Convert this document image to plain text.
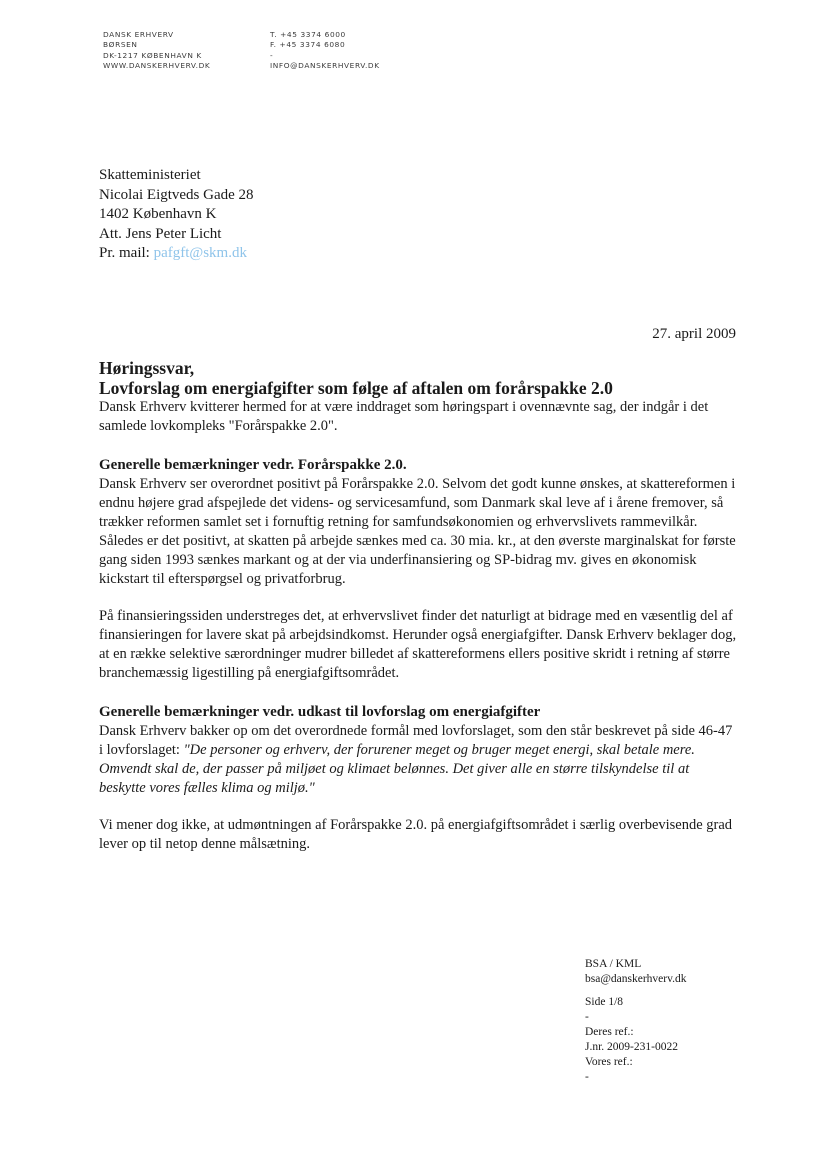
DANSK ERHVERV
BØRSEN
DK-1217 KØBENHAVN K
WWW.DANSKERHVERV.DK
T. +45 3374 6000
F. +45 3374 6080
-
INFO@DANSKERHVERV.DK
Skatteministeriet
Nicolai Eigtveds Gade 28
1402 København K
Att. Jens Peter Licht
Pr. mail: pafgft@skm.dk
27. april 2009
Høringssvar,
Lovforslag om energiafgifter som følge af aftalen om forårspakke 2.0

Dansk Erhverv kvitterer hermed for at være inddraget som høringspart i ovennævnte sag, der indgår i det samlede lovkompleks "Forårspakke 2.0".

Generelle bemærkninger vedr. Forårspakke 2.0.

Dansk Erhverv ser overordnet positivt på Forårspakke 2.0. Selvom det godt kunne ønskes, at skattereformen i endnu højere grad afspejlede det videns- og servicesamfund, som Danmark skal leve af i årene fremover, så trækker reformen samlet set i fornuftig retning for samfundsøkonomien og erhvervslivets rammevilkår. Således er det positivt, at skatten på arbejde sænkes med ca. 30 mia. kr., at den øverste marginalskat for første gang siden 1993 sænkes markant og at der via underfinansiering og SP-bidrag mv. gives en økonomisk kickstart til efterspørgsel og privatforbrug.

På finansieringssiden understreges det, at erhvervslivet finder det naturligt at bidrage med en væsentlig del af finansieringen for lavere skat på arbejdsindkomst. Herunder også energiafgifter. Dansk Erhverv beklager dog, at en række selektive særordninger mudrer billedet af skattereformens ellers positive skridt i retning af større branchemæssig ligestilling på energiafgiftsområdet.

Generelle bemærkninger vedr. udkast til lovforslag om energiafgifter

Dansk Erhverv bakker op om det overordnede formål med lovforslaget, som den står beskrevet på side 46-47 i lovforslaget: "De personer og erhverv, der forurener meget og bruger meget energi, skal betale mere. Omvendt skal de, der passer på miljøet og klimaet belønnes. Det giver alle en større tilskyndelse til at beskytte vores fælles klima og miljø."

Vi mener dog ikke, at udmøntningen af Forårspakke 2.0. på energiafgiftsområdet i særlig overbevisende grad lever op til netop denne målsætning.

BSA / KML
bsa@danskerhverv.dk
Side 1/8
-
Deres ref.:
J.nr. 2009-231-0022
Vores ref.:
-
